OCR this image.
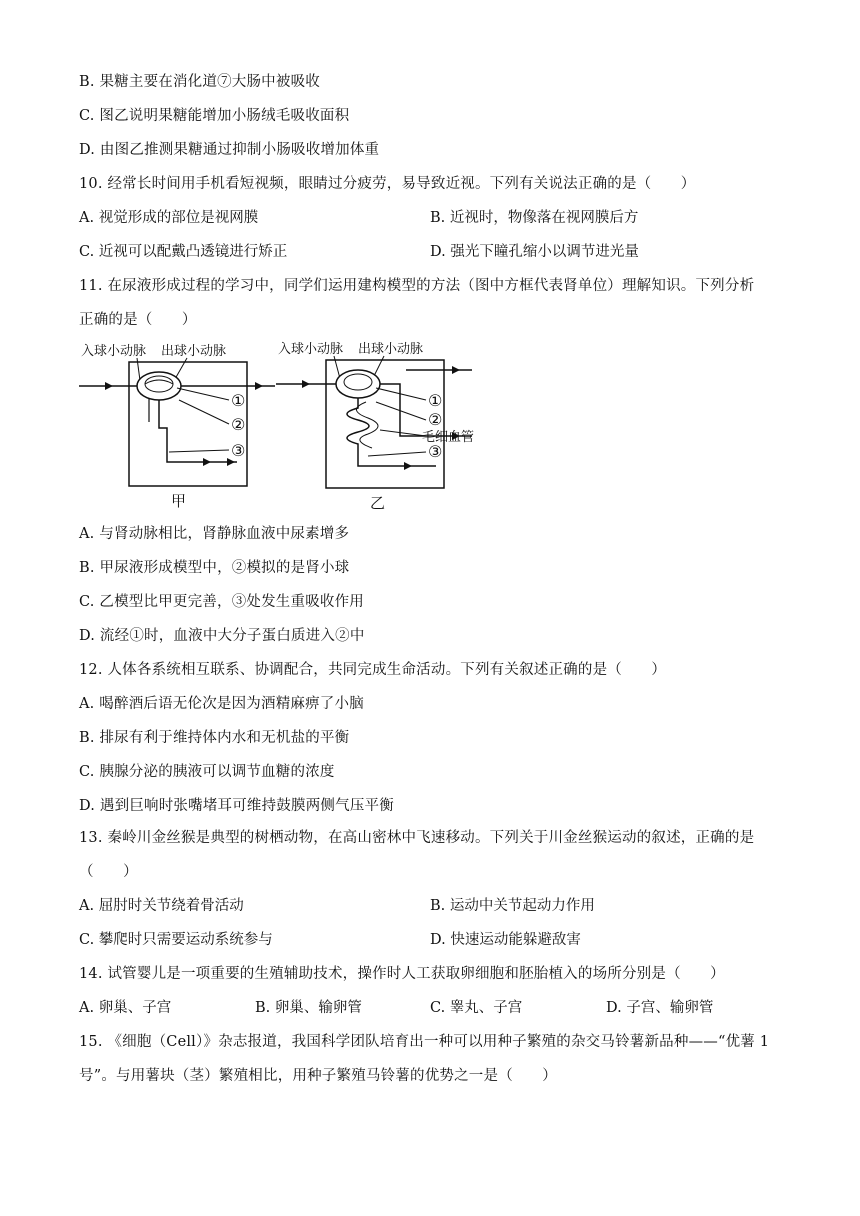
B. 果糖主要在消化道⑦大肠中被吸收
C. 图乙说明果糖能增加小肠绒毛吸收面积
D. 由图乙推测果糖通过抑制小肠吸收增加体重
10. 经常长时间用手机看短视频，眼睛过分疲劳，易导致近视。下列有关说法正确的是（　　）
A. 视觉形成的部位是视网膜	B. 近视时，物像落在视网膜后方
C. 近视可以配戴凸透镜进行矫正	D. 强光下瞳孔缩小以调节进光量
11. 在尿液形成过程的学习中，同学们运用建构模型的方法（图中方框代表肾单位）理解知识。下列分析
正确的是（　　）
入球小动脉 出球小动脉
①
②
③
甲
入球小动脉 出球小动脉
①
②
毛细血管
③
乙
A. 与肾动脉相比，肾静脉血液中尿素增多
B. 甲尿液形成模型中，②模拟的是肾小球
C. 乙模型比甲更完善，③处发生重吸收作用
D. 流经①时，血液中大分子蛋白质进入②中
12. 人体各系统相互联系、协调配合，共同完成生命活动。下列有关叙述正确的是（　　）
A. 喝醉酒后语无伦次是因为酒精麻痹了小脑
B. 排尿有利于维持体内水和无机盐的平衡
C. 胰腺分泌的胰液可以调节血糖的浓度
D. 遇到巨响时张嘴堵耳可维持鼓膜两侧气压平衡
13. 秦岭川金丝猴是典型的树栖动物，在高山密林中飞速移动。下列关于川金丝猴运动的叙述，正确的是
（　　）
A. 屈肘时关节绕着骨活动	B. 运动中关节起动力作用
C. 攀爬时只需要运动系统参与	D. 快速运动能躲避敌害
14. 试管婴儿是一项重要的生殖辅助技术，操作时人工获取卵细胞和胚胎植入的场所分别是（　　）
A. 卵巢、子宫	B. 卵巢、输卵管	C. 睾丸、子宫	D. 子宫、输卵管
15. 《细胞（Cell）》杂志报道，我国科学团队培育出一种可以用种子繁殖的杂交马铃薯新品种——“优薯 1
号”。与用薯块（茎）繁殖相比，用种子繁殖马铃薯的优势之一是（　　）
